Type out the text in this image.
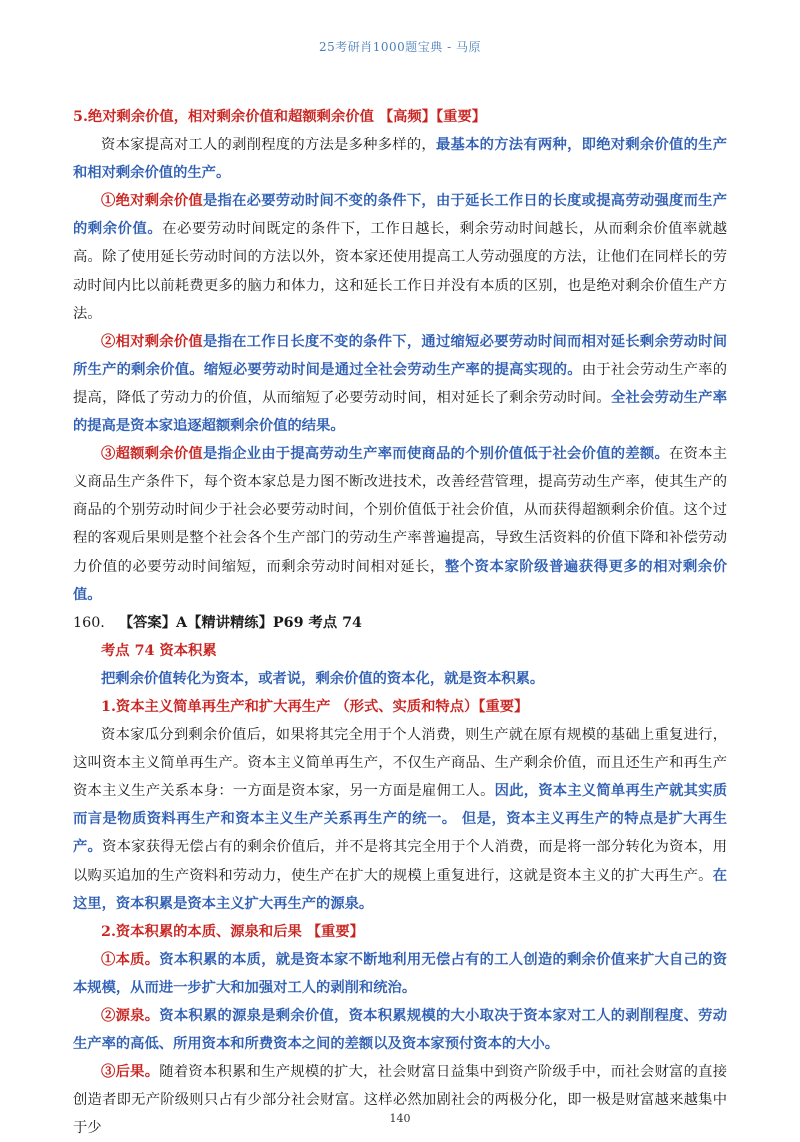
25考研肖1000题宝典 - 马原

5.绝对剩余价值，相对剩余价值和超额剩余价值 【高频】【重要】

资本家提高对工人的剥削程度的方法是多种多样的，最基本的方法有两种，即绝对剩余价值的生产和相对剩余价值的生产。

①绝对剩余价值是指在必要劳动时间不变的条件下，由于延长工作日的长度或提高劳动强度而生产的剩余价值。在必要劳动时间既定的条件下，工作日越长，剩余劳动时间越长，从而剩余价值率就越高。除了使用延长劳动时间的方法以外，资本家还使用提高工人劳动强度的方法，让他们在同样长的劳动时间内比以前耗费更多的脑力和体力，这和延长工作日并没有本质的区别，也是绝对剩余价值生产方法。

②相对剩余价值是指在工作日长度不变的条件下，通过缩短必要劳动时间而相对延长剩余劳动时间所生产的剩余价值。缩短必要劳动时间是通过全社会劳动生产率的提高实现的。由于社会劳动生产率的提高，降低了劳动力的价值，从而缩短了必要劳动时间，相对延长了剩余劳动时间。全社会劳动生产率的提高是资本家追逐超额剩余价值的结果。

③超额剩余价值是指企业由于提高劳动生产率而使商品的个别价值低于社会价值的差额。在资本主义商品生产条件下，每个资本家总是力图不断改进技术，改善经营管理，提高劳动生产率，使其生产的商品的个别劳动时间少于社会必要劳动时间，个别价值低于社会价值，从而获得超额剩余价值。这个过程的客观后果则是整个社会各个生产部门的劳动生产率普遍提高，导致生活资料的价值下降和补偿劳动力价值的必要劳动时间缩短，而剩余劳动时间相对延长，整个资本家阶级普遍获得更多的相对剩余价值。

160. 【答案】A【精讲精练】P69 考点 74

考点 74 资本积累

把剩余价值转化为资本，或者说，剩余价值的资本化，就是资本积累。

1.资本主义简单再生产和扩大再生产 （形式、实质和特点）【重要】

资本家瓜分到剩余价值后，如果将其完全用于个人消费，则生产就在原有规模的基础上重复进行，这叫资本主义简单再生产。资本主义简单再生产，不仅生产商品、生产剩余价值，而且还生产和再生产资本主义生产关系本身：一方面是资本家，另一方面是雇佣工人。因此，资本主义简单再生产就其实质而言是物质资料再生产和资本主义生产关系再生产的统一。 但是，资本主义再生产的特点是扩大再生产。资本家获得无偿占有的剩余价值后，并不是将其完全用于个人消费，而是将一部分转化为资本，用以购买追加的生产资料和劳动力，使生产在扩大的规模上重复进行，这就是资本主义的扩大再生产。在这里，资本积累是资本主义扩大再生产的源泉。

2.资本积累的本质、源泉和后果 【重要】

①本质。资本积累的本质，就是资本家不断地利用无偿占有的工人创造的剩余价值来扩大自己的资本规模，从而进一步扩大和加强对工人的剥削和统治。

②源泉。资本积累的源泉是剩余价值，资本积累规模的大小取决于资本家对工人的剥削程度、劳动生产率的高低、所用资本和所费资本之间的差额以及资本家预付资本的大小。

③后果。随着资本积累和生产规模的扩大，社会财富日益集中到资产阶级手中，而社会财富的直接创造者即无产阶级则只占有少部分社会财富。这样必然加剧社会的两极分化，即一极是财富越来越集中于少

140
